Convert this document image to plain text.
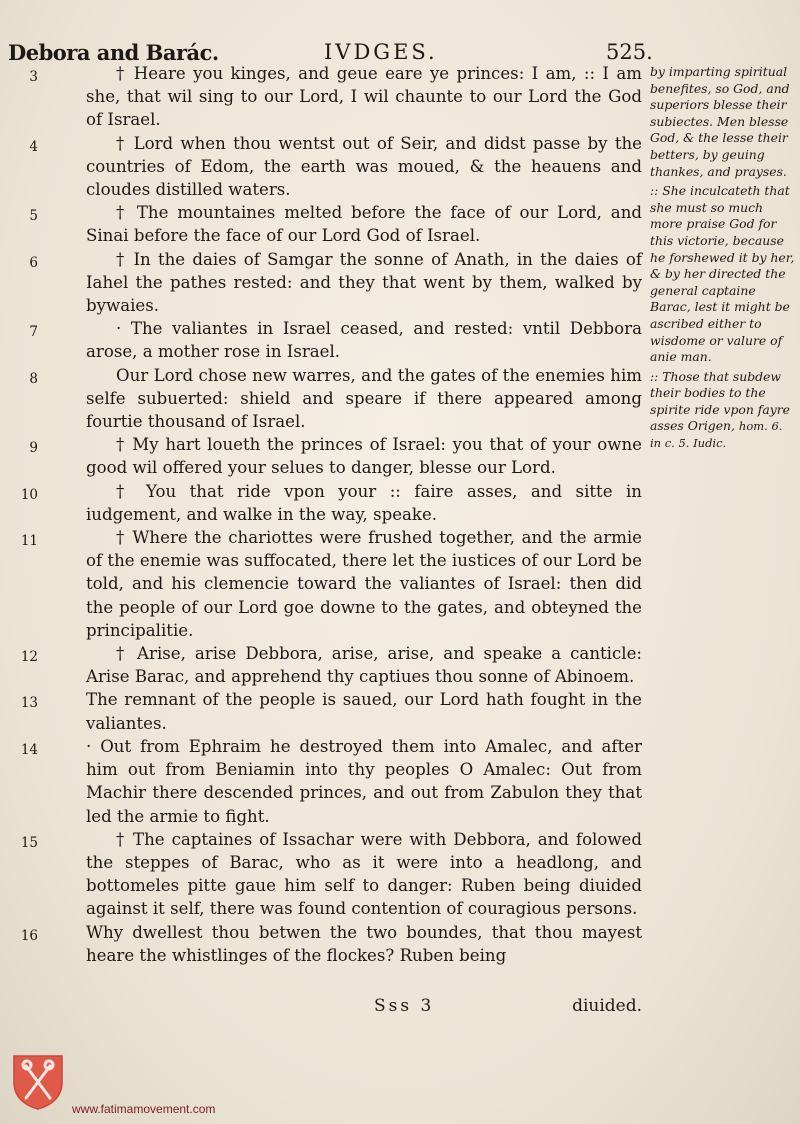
Debora and Barác.	IVDGES.	525.
3	† Heare you kinges, and geue eare ye princes: I am, :: I am she, that wil sing to our Lord, I wil chaunte to our Lord the God of Israel.
4	† Lord when thou wentst out of Seir, and didst passe by the countries of Edom, the earth was moued, & the heauens and cloudes distilled waters.
5	† The mountaines melted before the face of our Lord, and Sinai before the face of our Lord God of Israel.
6	† In the daies of Samgar the sonne of Anath, in the daies of Iahel the pathes rested: and they that went by them, walked by bywaies.
7	· The valiantes in Israel ceased, and rested: vntil Debbora arose, a mother rose in Israel.
8	Our Lord chose new warres, and the gates of the enemies him selfe subuerted: shield and speare if there appeared among fourtie thousand of Israel.
9	† My hart loueth the princes of Israel: you that of your owne good wil offered your selues to danger, blesse our Lord.
10	† You that ride vpon your :: faire asses, and sitte in iudgement, and walke in the way, speake.
11	† Where the chariottes were frushed together, and the armie of the enemie was suffocated, there let the iustices of our Lord be told, and his clemencie toward the valiantes of Israel: then did the people of our Lord goe downe to the gates, and obteyned the principalitie.
12	† Arise, arise Debbora, arise, arise, and speake a canticle: Arise Barac, and apprehend thy captiues thou sonne of Abinoem.
13	The remnant of the people is saued, our Lord hath fought in the valiantes.
14	· Out from Ephraim he destroyed them into Amalec, and after him out from Beniamin into thy peoples O Amalec: Out from Machir there descended princes, and out from Zabulon they that led the armie to fight.
15	† The captaines of Issachar were with Debbora, and folowed the steppes of Barac, who as it were into a headlong, and bottomeles pitte gaue him self to danger: Ruben being diuided against it self, there was found contention of couragious persons.
16	Why dwellest thou betwen the two boundes, that thou mayest heare the whistlinges of the flockes? Ruben being
by imparting spiritual benefites, so God, and superiors blesse their subiectes. Men blesse God, & the lesse their betters, by geuing thankes, and prayses.
:: She inculcateth that she must so much more praise God for this victorie, because he forshewed it by her, & by her directed the general captaine Barac, lest it might be ascribed either to wisdome or valure of anie man.
:: Those that subdew their bodies to the spirite ride vpon fayre asses Origen, hom. 6. in c. 5. Iudic.
Sss 3	diuided.
www.fatimamovement.com
